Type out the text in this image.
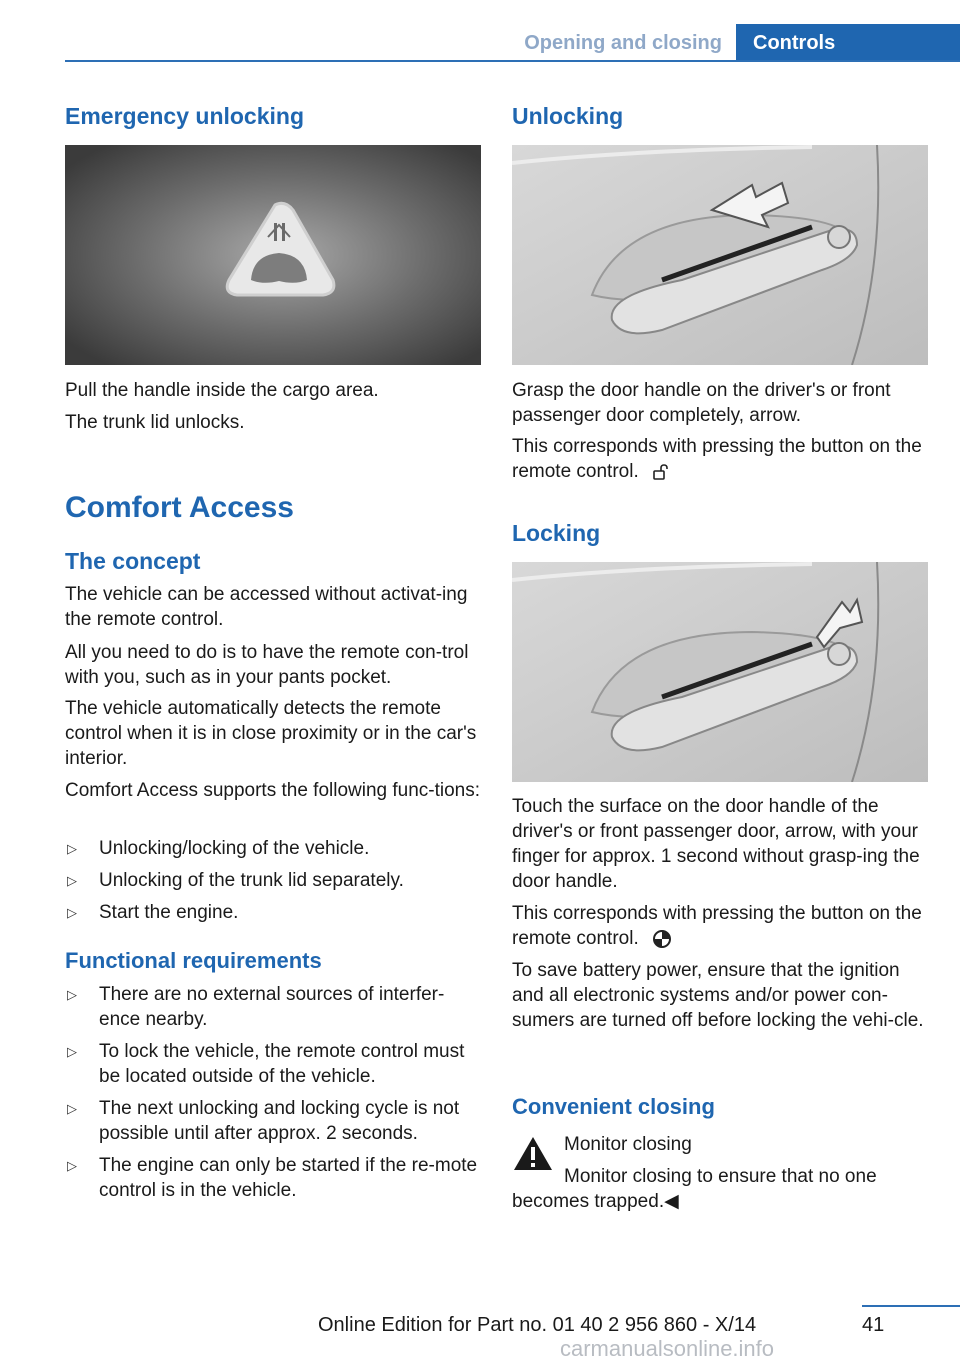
Opening and closing	Controls
Emergency unlocking

Pull the handle inside the cargo area.

The trunk lid unlocks.

Comfort Access
The concept

The vehicle can be accessed without activat‐ing the remote control.

All you need to do is to have the remote con‐trol with you, such as in your pants pocket.

The vehicle automatically detects the remote control when it is in close proximity or in the car's interior.

Comfort Access supports the following func‐tions:

▷ Unlocking/locking of the vehicle.
▷ Unlocking of the trunk lid separately.
▷ Start the engine.
Functional requirements
▷ There are no external sources of interfer‐ence nearby.
▷ To lock the vehicle, the remote control must be located outside of the vehicle.
▷ The next unlocking and locking cycle is not possible until after approx. 2 seconds.
▷ The engine can only be started if the re‐mote control is in the vehicle.
Unlocking

Grasp the door handle on the driver's or front passenger door completely, arrow.

This corresponds with pressing the button on the remote control.

Locking

Touch the surface on the door handle of the driver's or front passenger door, arrow, with your finger for approx. 1 second without grasp‐ing the door handle.

This corresponds with pressing the button on the remote control.

To save battery power, ensure that the ignition and all electronic systems and/or power con‐sumers are turned off before locking the vehi‐cle.

Convenient closing

Monitor closing

Monitor closing to ensure that no one becomes trapped.◀

Online Edition for Part no. 01 40 2 956 860 - X/14	41
carmanualsonline.info
